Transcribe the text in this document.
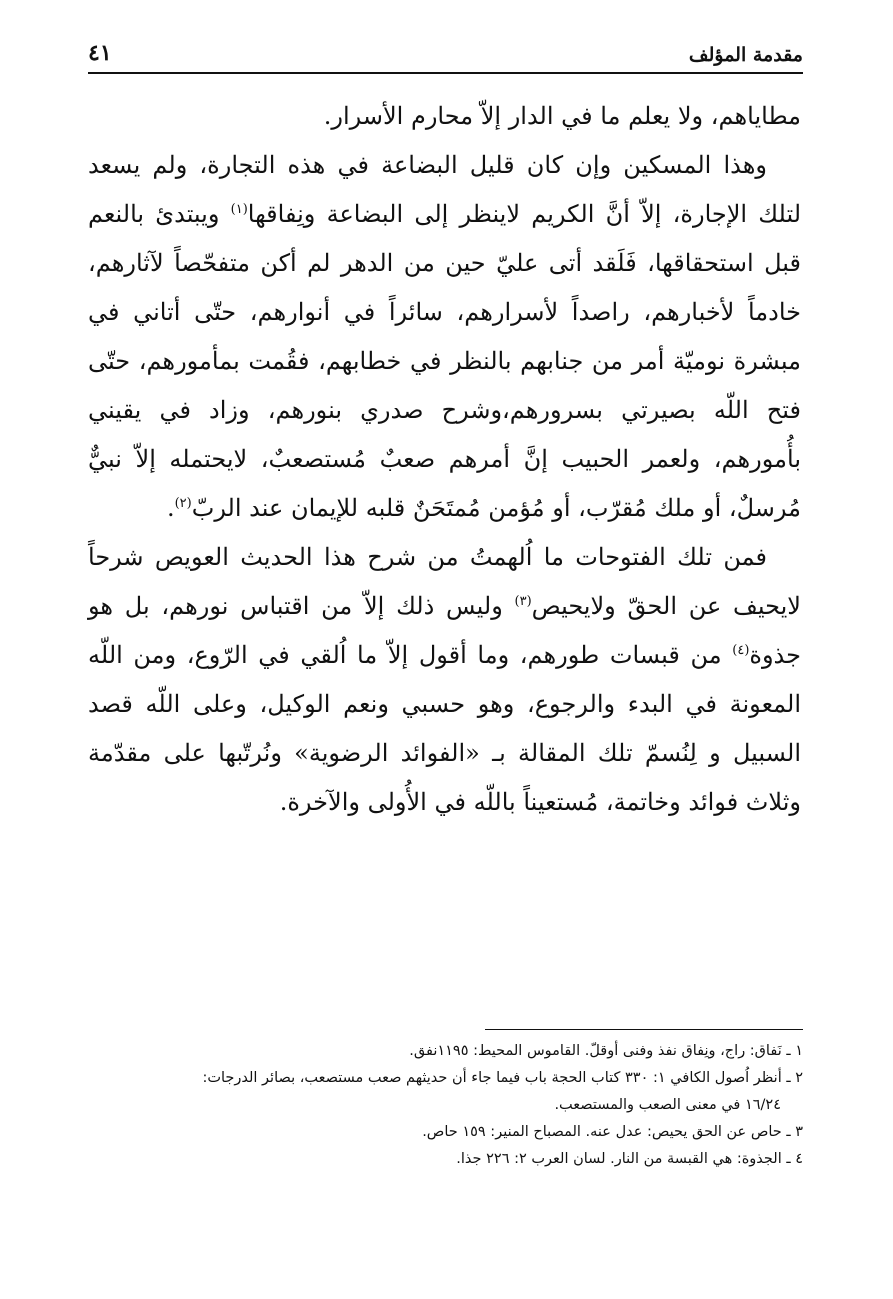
مقدمة المؤلف
٤١

مطاياهم، ولا يعلم ما في الدار إلاّ محارم الأسرار.

وهذا المسكين وإن كان قليل البضاعة في هذه التجارة، ولم يسعد لتلك الإجارة، إلاّ أنَّ الكريم لاينظر إلى البضاعة ونِفاقها$^{(١)}$ ويبتدئ بالنعم قبل استحقاقها، فَلَقد أتى عليّ حين من الدهر لم أكن متفحّصاً لآثارهم، خادماً لأخبارهم، راصداً لأسرارهم، سائراً في أنوارهم، حتّى أتاني في مبشرة نوميّة أمر من جنابهم بالنظر في خطابهم، فقُمت بمأمورهم، حتّى فتح اللّه بصيرتي بسرورهم،وشرح صدري بنورهم، وزاد في يقيني بأُمورهم، ولعمر الحبيب إنَّ أمرهم صعبٌ مُستصعبٌ، لايحتمله إلاّ نبيٌّ مُرسلٌ، أو ملك مُقرّب، أو مُؤمن مُمتَحَنٌ قلبه للإيمان عند الربّ$^{(٢)}$.

فمن تلك الفتوحات ما اُلهمتُ من شرح هذا الحديث العويص شرحاً لايحيف عن الحقّ ولايحيص$^{(٣)}$ وليس ذلك إلاّ من اقتباس نورهم، بل هو جذوة$^{(٤)}$ من قبسات طورهم، وما أقول إلاّ ما اُلقي في الرّوع، ومن اللّه المعونة في البدء والرجوع، وهو حسبي ونعم الوكيل، وعلى اللّه قصد السبيل و لِنُسمّ تلك المقالة بـ «الفوائد الرضوية» ونُرتّبها على مقدّمة وثلاث فوائد وخاتمة، مُستعيناً باللّه في الأُولى والآخرة.

١ ـ نَفاق: راج، ونِفاق نفذ وفنى أوقلّ. القاموس المحيط: ١١٩٥نفق.

٢ ـ أنظر اُصول الكافي ١: ٣٣٠ كتاب الحجة باب فيما جاء أن حديثهم صعب مستصعب، بصائر الدرجات:

١٦/٢٤ في معنى الصعب والمستصعب.

٣ ـ حاص عن الحق يحيص: عدل عنه. المصباح المنير: ١٥٩ حاص.

٤ ـ الجذوة: هي القبسة من النار. لسان العرب ٢: ٢٢٦ جذا.
